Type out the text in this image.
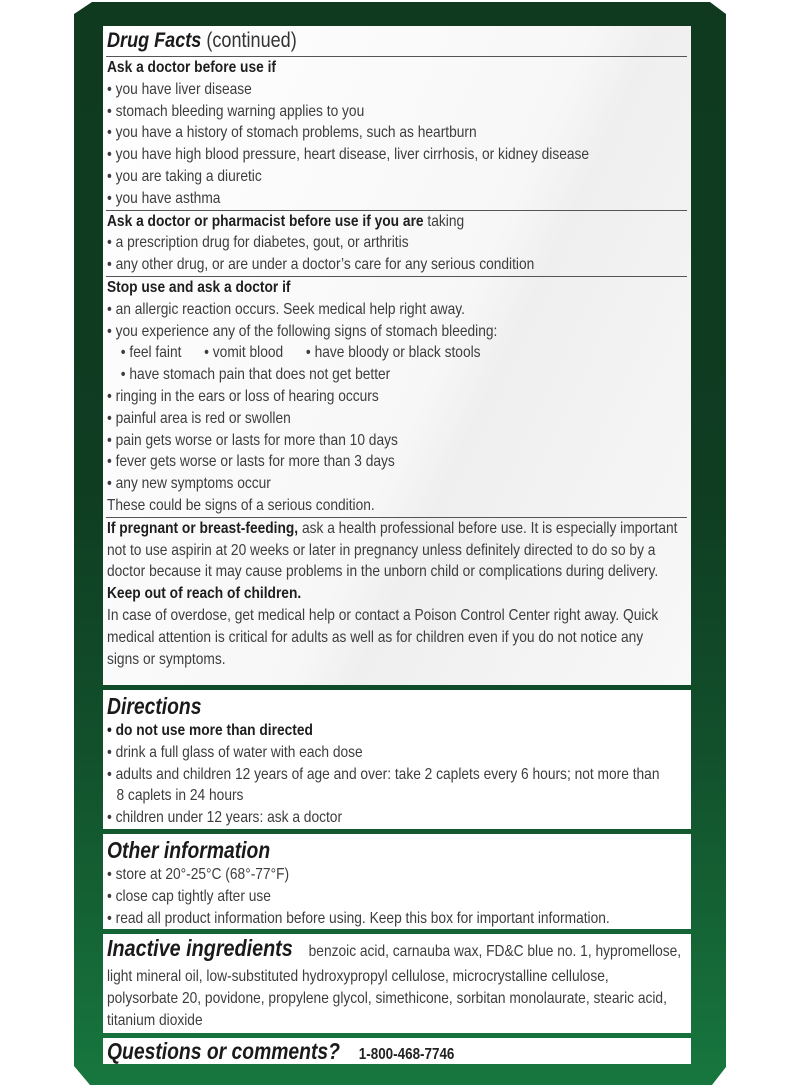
Drug Facts (continued)
Ask a doctor before use if
• you have liver disease
• stomach bleeding warning applies to you
• you have a history of stomach problems, such as heartburn
• you have high blood pressure, heart disease, liver cirrhosis, or kidney disease
• you are taking a diuretic
• you have asthma
Ask a doctor or pharmacist before use if you are taking
• a prescription drug for diabetes, gout, or arthritis
• any other drug, or are under a doctor’s care for any serious condition
Stop use and ask a doctor if
• an allergic reaction occurs. Seek medical help right away.
• you experience any of the following signs of stomach bleeding:
• feel faint • vomit blood • have bloody or black stools
• have stomach pain that does not get better
• ringing in the ears or loss of hearing occurs
• painful area is red or swollen
• pain gets worse or lasts for more than 10 days
• fever gets worse or lasts for more than 3 days
• any new symptoms occur
These could be signs of a serious condition.
If pregnant or breast-feeding, ask a health professional before use. It is especially important
not to use aspirin at 20 weeks or later in pregnancy unless definitely directed to do so by a
doctor because it may cause problems in the unborn child or complications during delivery.
Keep out of reach of children.
In case of overdose, get medical help or contact a Poison Control Center right away. Quick
medical attention is critical for adults as well as for children even if you do not notice any
signs or symptoms.
Directions
• do not use more than directed
• drink a full glass of water with each dose
• adults and children 12 years of age and over: take 2 caplets every 6 hours; not more than
8 caplets in 24 hours
• children under 12 years: ask a doctor
Other information
• store at 20°-25°C (68°-77°F)
• close cap tightly after use
• read all product information before using. Keep this box for important information.
Inactive ingredients benzoic acid, carnauba wax, FD&C blue no. 1, hypromellose,
light mineral oil, low-substituted hydroxypropyl cellulose, microcrystalline cellulose,
polysorbate 20, povidone, propylene glycol, simethicone, sorbitan monolaurate, stearic acid,
titanium dioxide
Questions or comments? 1-800-468-7746
